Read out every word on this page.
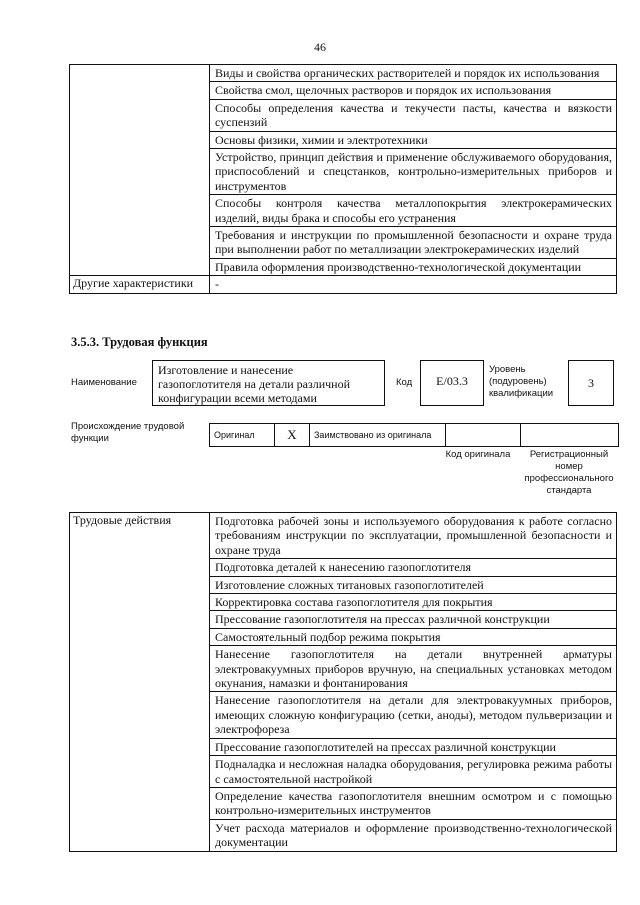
46
	Виды и свойства органических растворителей и порядок их использования
	Свойства смол, щелочных растворов и порядок их использования
	Способы определения качества и текучести пасты, качества и вязкости суспензий
	Основы физики, химии и электротехники
	Устройство, принцип действия и применение обслуживаемого оборудования, приспособлений и спецстанков, контрольно-измерительных приборов и инструментов
	Способы контроля качества металлопокрытия электрокерамических изделий, виды брака и способы его устранения
	Требования и инструкции по промышленной безопасности и охране труда при выполнении работ по металлизации электрокерамических изделий
	Правила оформления производственно-технологической документации
Другие характеристики	-
3.5.3. Трудовая функция
Наименование
Изготовление и нанесение газопоглотителя на детали различной конфигурации всеми методами
Код	E/03.3
Уровень (подуровень) квалификации
3
Происхождение трудовой функции	Оригинал	X	Заимствовано из оригинала		
Код оригинала	Регистрационный номер профессионального стандарта
Трудовые действия	Подготовка рабочей зоны и используемого оборудования к работе согласно требованиям инструкции по эксплуатации, промышленной безопасности и охране труда
Подготовка деталей к нанесению газопоглотителя
Изготовление сложных титановых газопоглотителей
Корректировка состава газопоглотителя для покрытия
Прессование газопоглотителя на прессах различной конструкции
Самостоятельный подбор режима покрытия
Нанесение газопоглотителя на детали внутренней арматуры электровакуумных приборов вручную, на специальных установках методом окунания, намазки и фонтанирования
Нанесение газопоглотителя на детали для электровакуумных приборов, имеющих сложную конфигурацию (сетки, аноды), методом пульверизации и электрофореза
Прессование газопоглотителей на прессах различной конструкции
Подналадка и несложная наладка оборудования, регулировка режима работы с самостоятельной настройкой
Определение качества газопоглотителя внешним осмотром и с помощью контрольно-измерительных инструментов
Учет расхода материалов и оформление производственно-технологической документации
